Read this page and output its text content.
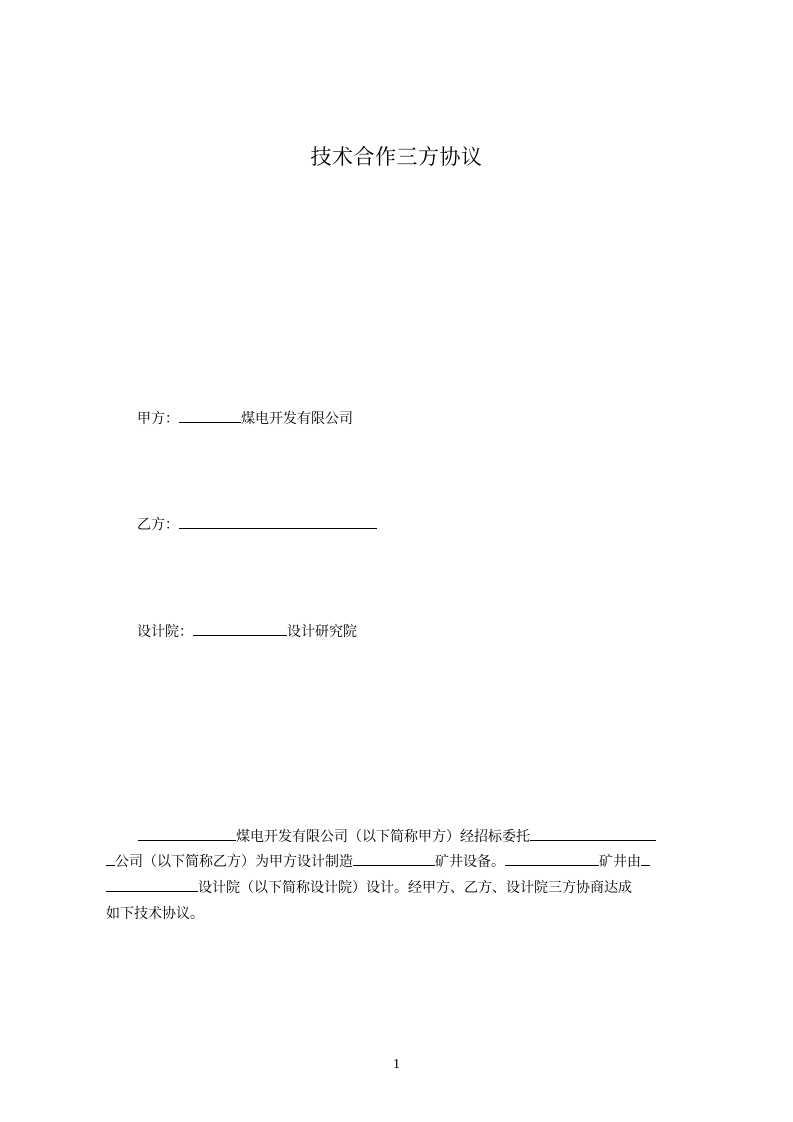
技术合作三方协议
甲方：	煤电开发有限公司
乙方：
设计院：	设计研究院
煤电开发有限公司（以下简称甲方）经招标委托
公司（以下简称乙方）为甲方设计制造	矿井设备。	矿井由
设计院（以下简称设计院）设计。经甲方、乙方、设计院三方协商达成
如下技术协议。
1
